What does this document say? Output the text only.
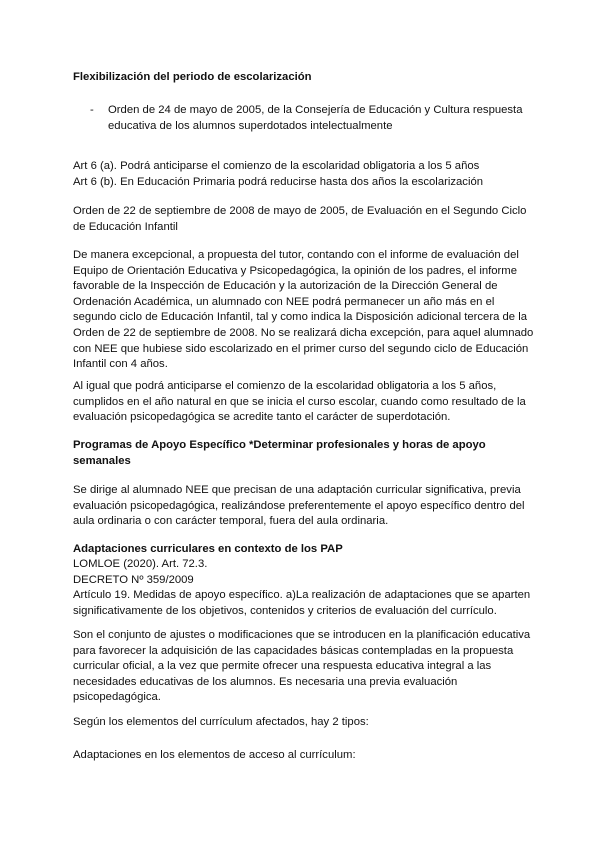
Flexibilización del periodo de escolarización
- Orden de 24 de mayo de 2005, de la Consejería de Educación y Cultura respuesta
educativa de los alumnos superdotados intelectualmente
Art 6 (a). Podrá anticiparse el comienzo de la escolaridad obligatoria a los 5 años
Art 6 (b). En Educación Primaria podrá reducirse hasta dos años la escolarización
Orden de 22 de septiembre de 2008 de mayo de 2005, de Evaluación en el Segundo Ciclo
de Educación Infantil
De manera excepcional, a propuesta del tutor, contando con el informe de evaluación del
Equipo de Orientación Educativa y Psicopedagógica, la opinión de los padres, el informe
favorable de la Inspección de Educación y la autorización de la Dirección General de
Ordenación Académica, un alumnado con NEE podrá permanecer un año más en el
segundo ciclo de Educación Infantil, tal y como indica la Disposición adicional tercera de la
Orden de 22 de septiembre de 2008. No se realizará dicha excepción, para aquel alumnado
con NEE que hubiese sido escolarizado en el primer curso del segundo ciclo de Educación
Infantil con 4 años.
Al igual que podrá anticiparse el comienzo de la escolaridad obligatoria a los 5 años,
cumplidos en el año natural en que se inicia el curso escolar, cuando como resultado de la
evaluación psicopedagógica se acredite tanto el carácter de superdotación.
Programas de Apoyo Específico *Determinar profesionales y horas de apoyo
semanales
Se dirige al alumnado NEE que precisan de una adaptación curricular significativa, previa
evaluación psicopedagógica, realizándose preferentemente el apoyo específico dentro del
aula ordinaria o con carácter temporal, fuera del aula ordinaria.
Adaptaciones curriculares en contexto de los PAP
LOMLOE (2020). Art. 72.3.
DECRETO Nº 359/2009
Artículo 19. Medidas de apoyo específico. a)La realización de adaptaciones que se aparten
significativamente de los objetivos, contenidos y criterios de evaluación del currículo.
Son el conjunto de ajustes o modificaciones que se introducen en la planificación educativa
para favorecer la adquisición de las capacidades básicas contempladas en la propuesta
curricular oficial, a la vez que permite ofrecer una respuesta educativa integral a las
necesidades educativas de los alumnos. Es necesaria una previa evaluación
psicopedagógica.
Según los elementos del currículum afectados, hay 2 tipos:
Adaptaciones en los elementos de acceso al currículum:
